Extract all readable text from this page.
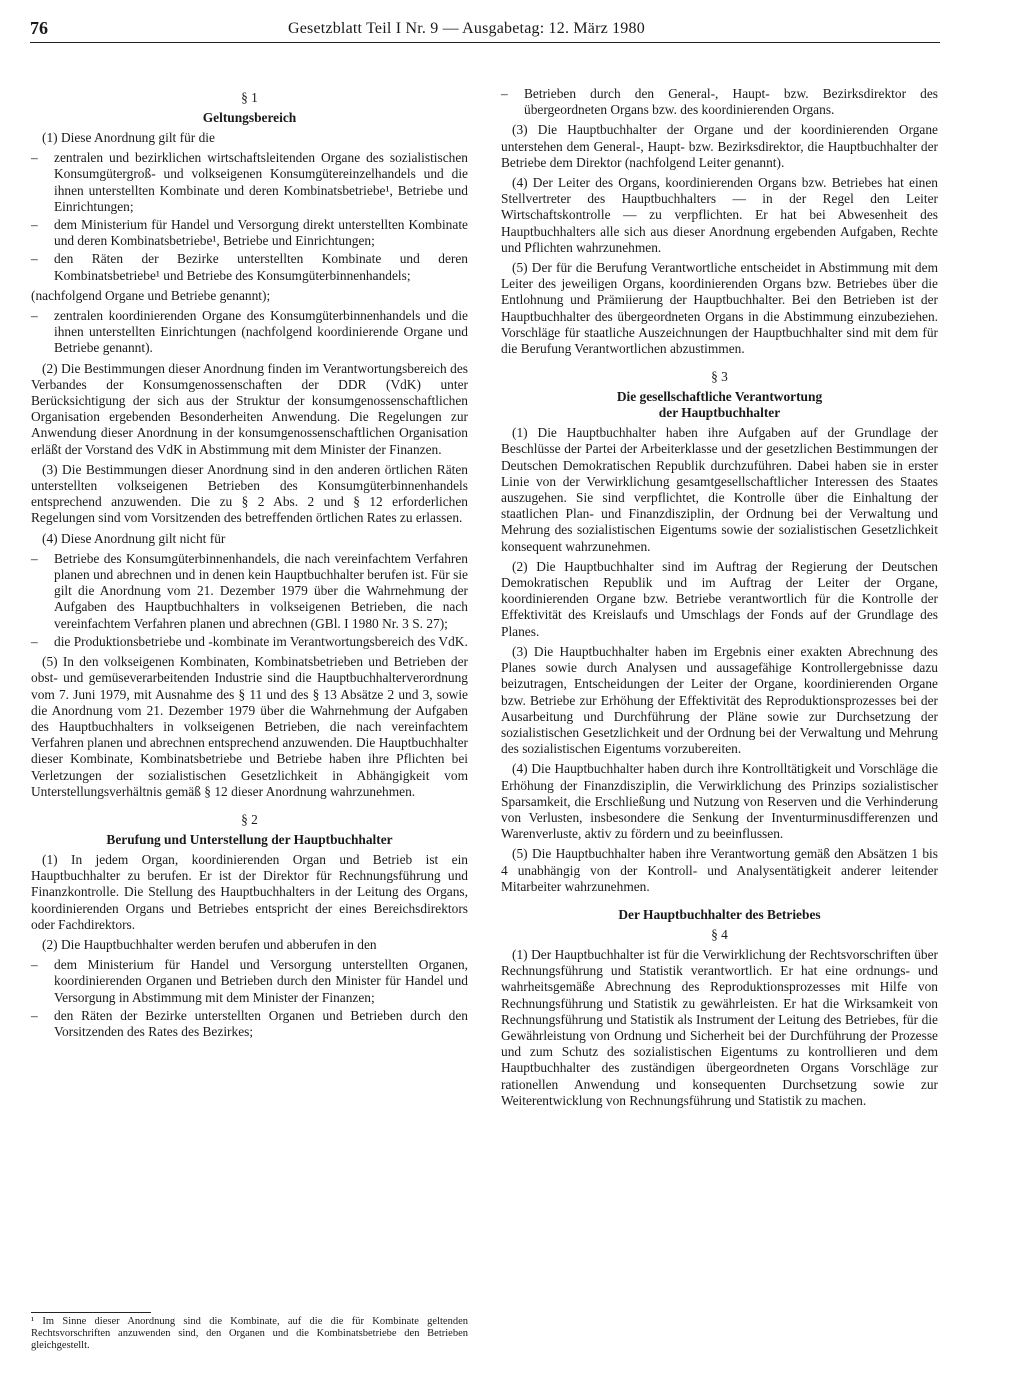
76	Gesetzblatt Teil I Nr. 9 — Ausgabetag: 12. März 1980

§ 1

Geltungsbereich

(1) Diese Anordnung gilt für die

– zentralen und bezirklichen wirtschaftsleitenden Organe des sozialistischen Konsumgütergroß- und volkseigenen Konsumgütereinzelhandels und die ihnen unterstellten Kombinate und deren Kombinatsbetriebe¹, Betriebe und Einrichtungen;
– dem Ministerium für Handel und Versorgung direkt unterstellten Kombinate und deren Kombinatsbetriebe¹, Betriebe und Einrichtungen;
– den Räten der Bezirke unterstellten Kombinate und deren Kombinatsbetriebe¹ und Betriebe des Konsumgüterbinnenhandels;

(nachfolgend Organe und Betriebe genannt);

– zentralen koordinierenden Organe des Konsumgüterbinnenhandels und die ihnen unterstellten Einrichtungen (nachfolgend koordinierende Organe und Betriebe genannt).

(2) Die Bestimmungen dieser Anordnung finden im Verantwortungsbereich des Verbandes der Konsumgenossenschaften der DDR (VdK) unter Berücksichtigung der sich aus der Struktur der konsumgenossenschaftlichen Organisation ergebenden Besonderheiten Anwendung. Die Regelungen zur Anwendung dieser Anordnung in der konsumgenossenschaftlichen Organisation erläßt der Vorstand des VdK in Abstimmung mit dem Minister der Finanzen.

(3) Die Bestimmungen dieser Anordnung sind in den anderen örtlichen Räten unterstellten volkseigenen Betrieben des Konsumgüterbinnenhandels entsprechend anzuwenden. Die zu § 2 Abs. 2 und § 12 erforderlichen Regelungen sind vom Vorsitzenden des betreffenden örtlichen Rates zu erlassen.

(4) Diese Anordnung gilt nicht für

– Betriebe des Konsumgüterbinnenhandels, die nach vereinfachtem Verfahren planen und abrechnen und in denen kein Hauptbuchhalter berufen ist. Für sie gilt die Anordnung vom 21. Dezember 1979 über die Wahrnehmung der Aufgaben des Hauptbuchhalters in volkseigenen Betrieben, die nach vereinfachtem Verfahren planen und abrechnen (GBl. I 1980 Nr. 3 S. 27);
– die Produktionsbetriebe und -kombinate im Verantwortungsbereich des VdK.

(5) In den volkseigenen Kombinaten, Kombinatsbetrieben und Betrieben der obst- und gemüseverarbeitenden Industrie sind die Hauptbuchhalterverordnung vom 7. Juni 1979, mit Ausnahme des § 11 und des § 13 Absätze 2 und 3, sowie die Anordnung vom 21. Dezember 1979 über die Wahrnehmung der Aufgaben des Hauptbuchhalters in volkseigenen Betrieben, die nach vereinfachtem Verfahren planen und abrechnen entsprechend anzuwenden. Die Hauptbuchhalter dieser Kombinate, Kombinatsbetriebe und Betriebe haben ihre Pflichten bei Verletzungen der sozialistischen Gesetzlichkeit in Abhängigkeit vom Unterstellungsverhältnis gemäß § 12 dieser Anordnung wahrzunehmen.

§ 2

Berufung und Unterstellung der Hauptbuchhalter

(1) In jedem Organ, koordinierenden Organ und Betrieb ist ein Hauptbuchhalter zu berufen. Er ist der Direktor für Rechnungsführung und Finanzkontrolle. Die Stellung des Hauptbuchhalters in der Leitung des Organs, koordinierenden Organs und Betriebes entspricht der eines Bereichsdirektors oder Fachdirektors.

(2) Die Hauptbuchhalter werden berufen und abberufen in den

– dem Ministerium für Handel und Versorgung unterstellten Organen, koordinierenden Organen und Betrieben durch den Minister für Handel und Versorgung in Abstimmung mit dem Minister der Finanzen;
– den Räten der Bezirke unterstellten Organen und Betrieben durch den Vorsitzenden des Rates des Bezirkes;
¹ Im Sinne dieser Anordnung sind die Kombinate, auf die die für Kombinate geltenden Rechtsvorschriften anzuwenden sind, den Organen und die Kombinatsbetriebe den Betrieben gleichgestellt.
– Betrieben durch den General-, Haupt- bzw. Bezirksdirektor des übergeordneten Organs bzw. des koordinierenden Organs.

(3) Die Hauptbuchhalter der Organe und der koordinierenden Organe unterstehen dem General-, Haupt- bzw. Bezirksdirektor, die Hauptbuchhalter der Betriebe dem Direktor (nachfolgend Leiter genannt).

(4) Der Leiter des Organs, koordinierenden Organs bzw. Betriebes hat einen Stellvertreter des Hauptbuchhalters — in der Regel den Leiter Wirtschaftskontrolle — zu verpflichten. Er hat bei Abwesenheit des Hauptbuchhalters alle sich aus dieser Anordnung ergebenden Aufgaben, Rechte und Pflichten wahrzunehmen.

(5) Der für die Berufung Verantwortliche entscheidet in Abstimmung mit dem Leiter des jeweiligen Organs, koordinierenden Organs bzw. Betriebes über die Entlohnung und Prämiierung der Hauptbuchhalter. Bei den Betrieben ist der Hauptbuchhalter des übergeordneten Organs in die Abstimmung einzubeziehen. Vorschläge für staatliche Auszeichnungen der Hauptbuchhalter sind mit dem für die Berufung Verantwortlichen abzustimmen.

§ 3

Die gesellschaftliche Verantwortung

der Hauptbuchhalter

(1) Die Hauptbuchhalter haben ihre Aufgaben auf der Grundlage der Beschlüsse der Partei der Arbeiterklasse und der gesetzlichen Bestimmungen der Deutschen Demokratischen Republik durchzuführen. Dabei haben sie in erster Linie von der Verwirklichung gesamtgesellschaftlicher Interessen des Staates auszugehen. Sie sind verpflichtet, die Kontrolle über die Einhaltung der staatlichen Plan- und Finanzdisziplin, der Ordnung bei der Verwaltung und Mehrung des sozialistischen Eigentums sowie der sozialistischen Gesetzlichkeit konsequent wahrzunehmen.

(2) Die Hauptbuchhalter sind im Auftrag der Regierung der Deutschen Demokratischen Republik und im Auftrag der Leiter der Organe, koordinierenden Organe bzw. Betriebe verantwortlich für die Kontrolle der Effektivität des Kreislaufs und Umschlags der Fonds auf der Grundlage des Planes.

(3) Die Hauptbuchhalter haben im Ergebnis einer exakten Abrechnung des Planes sowie durch Analysen und aussagefähige Kontrollergebnisse dazu beizutragen, Entscheidungen der Leiter der Organe, koordinierenden Organe bzw. Betriebe zur Erhöhung der Effektivität des Reproduktionsprozesses bei der Ausarbeitung und Durchführung der Pläne sowie zur Durchsetzung der sozialistischen Gesetzlichkeit und der Ordnung bei der Verwaltung und Mehrung des sozialistischen Eigentums vorzubereiten.

(4) Die Hauptbuchhalter haben durch ihre Kontrolltätigkeit und Vorschläge die Erhöhung der Finanzdisziplin, die Verwirklichung des Prinzips sozialistischer Sparsamkeit, die Erschließung und Nutzung von Reserven und die Verhinderung von Verlusten, insbesondere die Senkung der Inventurminusdifferenzen und Warenverluste, aktiv zu fördern und zu beeinflussen.

(5) Die Hauptbuchhalter haben ihre Verantwortung gemäß den Absätzen 1 bis 4 unabhängig von der Kontroll- und Analysentätigkeit anderer leitender Mitarbeiter wahrzunehmen.

Der Hauptbuchhalter des Betriebes

§ 4

(1) Der Hauptbuchhalter ist für die Verwirklichung der Rechtsvorschriften über Rechnungsführung und Statistik verantwortlich. Er hat eine ordnungs- und wahrheitsgemäße Abrechnung des Reproduktionsprozesses mit Hilfe von Rechnungsführung und Statistik zu gewährleisten. Er hat die Wirksamkeit von Rechnungsführung und Statistik als Instrument der Leitung des Betriebes, für die Gewährleistung von Ordnung und Sicherheit bei der Durchführung der Prozesse und zum Schutz des sozialistischen Eigentums zu kontrollieren und dem Hauptbuchhalter des zuständigen übergeordneten Organs Vorschläge zur rationellen Anwendung und konsequenten Durchsetzung sowie zur Weiterentwicklung von Rechnungsführung und Statistik zu machen.
